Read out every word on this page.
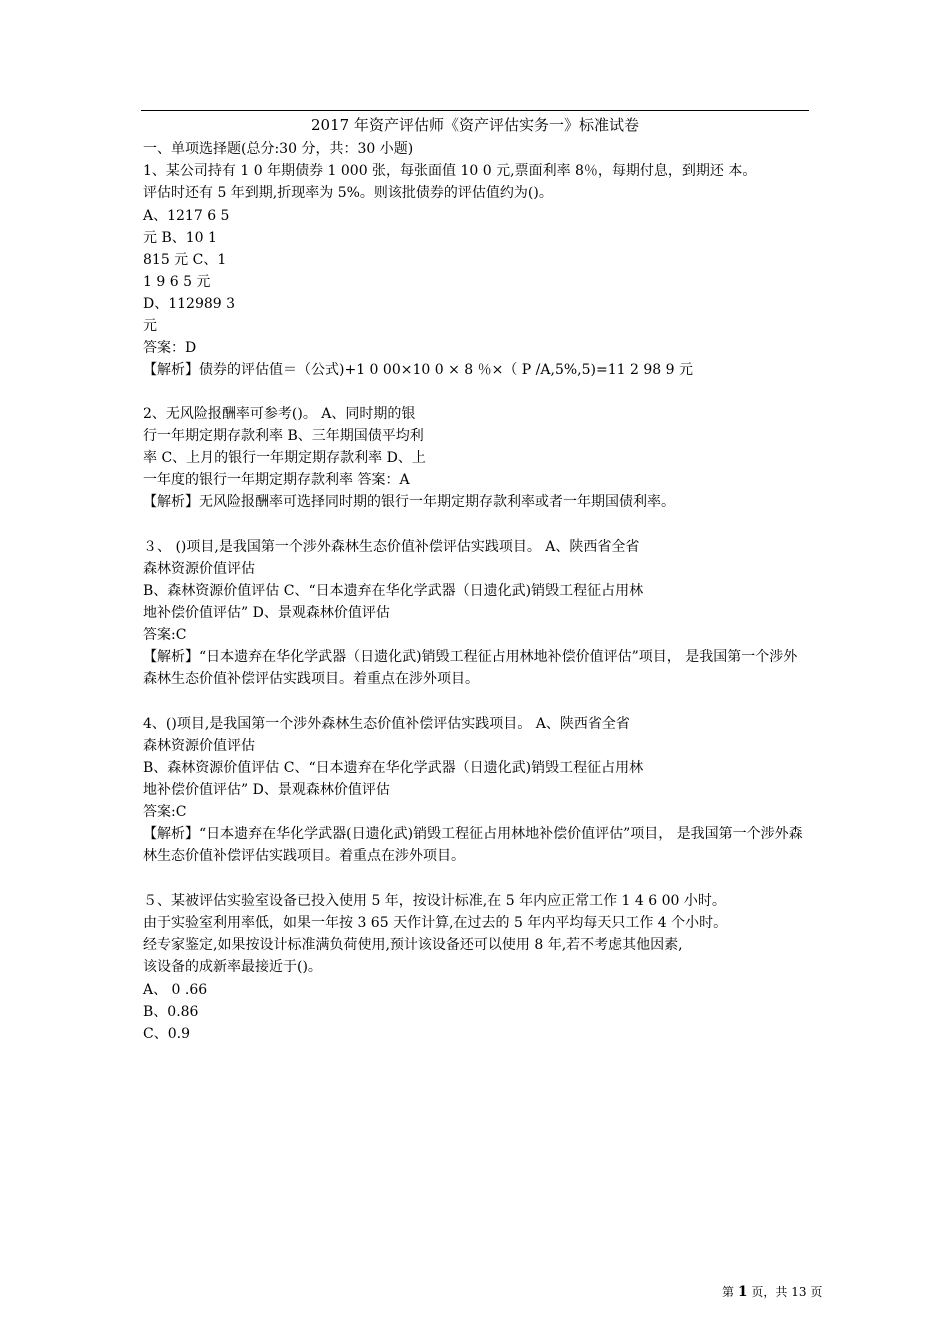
2017 年资产评估师《资产评估实务一》标准试卷
一、单项选择题(总分:30 分，共：30 小题)
1、某公司持有 1 0 年期债券 1 000 张，每张面值 10 0 元,票面利率 8％，每期付息，到期还 本。
评估时还有 5 年到期,折现率为 5%。则该批债券的评估值约为()。
A、1217 6 5
元 B、10 1
815 元 C、1
1 9 6 5 元
D、112989 3
元
答案：D
【解析】债券的评估值＝（公式)+1 0 00×10 0 × 8 ％×（ P /A,5%,5)=11 2 98 9 元
2、无风险报酬率可参考()。 A、同时期的银
行一年期定期存款利率 B、三年期国债平均利
率 C、上月的银行一年期定期存款利率 D、上
一年度的银行一年期定期存款利率 答案：A
【解析】无风险报酬率可选择同时期的银行一年期定期存款利率或者一年期国债利率。
３、 ()项目,是我国第一个涉外森林生态价值补偿评估实践项目。 A、陕西省全省
森林资源价值评估
B、森林资源价值评估 C、“日本遗弃在华化学武器（日遗化武)销毁工程征占用林
地补偿价值评估” D、景观森林价值评估
答案:C
【解析】“日本遗弃在华化学武器（日遗化武)销毁工程征占用林地补偿价值评估”项目， 是我国第一个涉外
森林生态价值补偿评估实践项目。着重点在涉外项目。
4、()项目,是我国第一个涉外森林生态价值补偿评估实践项目。 A、陕西省全省
森林资源价值评估
B、森林资源价值评估 C、“日本遗弃在华化学武器（日遗化武)销毁工程征占用林
地补偿价值评估” D、景观森林价值评估
答案:C
【解析】“日本遗弃在华化学武器(日遗化武)销毁工程征占用林地补偿价值评估”项目， 是我国第一个涉外森
林生态价值补偿评估实践项目。着重点在涉外项目。
５、某被评估实验室设备已投入使用 5 年，按设计标准,在 5 年内应正常工作 1 4 6 00 小时。
由于实验室利用率低，如果一年按 3 65 天作计算,在过去的 5 年内平均每天只工作 4 个小时。
经专家鉴定,如果按设计标准满负荷使用,预计该设备还可以使用 8 年,若不考虑其他因素,
该设备的成新率最接近于()。
A、 0 .66
B、0.86
C、0.9
第 1 页，共 13 页
